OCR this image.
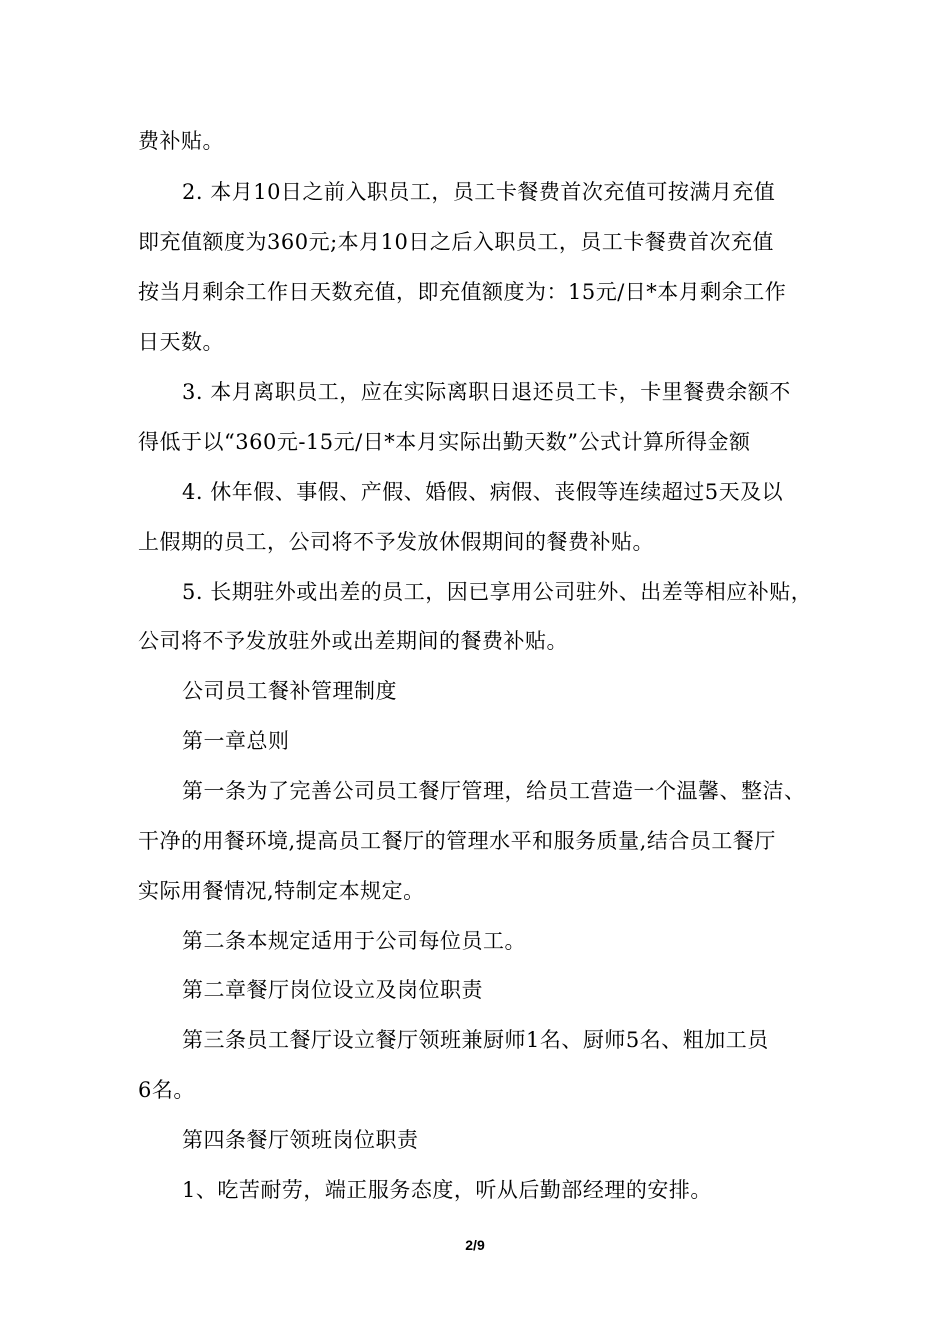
费补贴。
2. 本月10日之前入职员工，员工卡餐费首次充值可按满月充值
即充值额度为360元;本月10日之后入职员工，员工卡餐费首次充值
按当月剩余工作日天数充值，即充值额度为：15元/日*本月剩余工作
日天数。
3. 本月离职员工，应在实际离职日退还员工卡，卡里餐费余额不
得低于以“360元-15元/日*本月实际出勤天数”公式计算所得金额
4. 休年假、事假、产假、婚假、病假、丧假等连续超过5天及以
上假期的员工，公司将不予发放休假期间的餐费补贴。
5. 长期驻外或出差的员工，因已享用公司驻外、出差等相应补贴，
公司将不予发放驻外或出差期间的餐费补贴。
公司员工餐补管理制度
第一章总则
第一条为了完善公司员工餐厅管理，给员工营造一个温馨、整洁、
干净的用餐环境,提高员工餐厅的管理水平和服务质量,结合员工餐厅
实际用餐情况,特制定本规定。
第二条本规定适用于公司每位员工。
第二章餐厅岗位设立及岗位职责
第三条员工餐厅设立餐厅领班兼厨师1名、厨师5名、粗加工员
6名。
第四条餐厅领班岗位职责
1、吃苦耐劳，端正服务态度，听从后勤部经理的安排。
2/9
